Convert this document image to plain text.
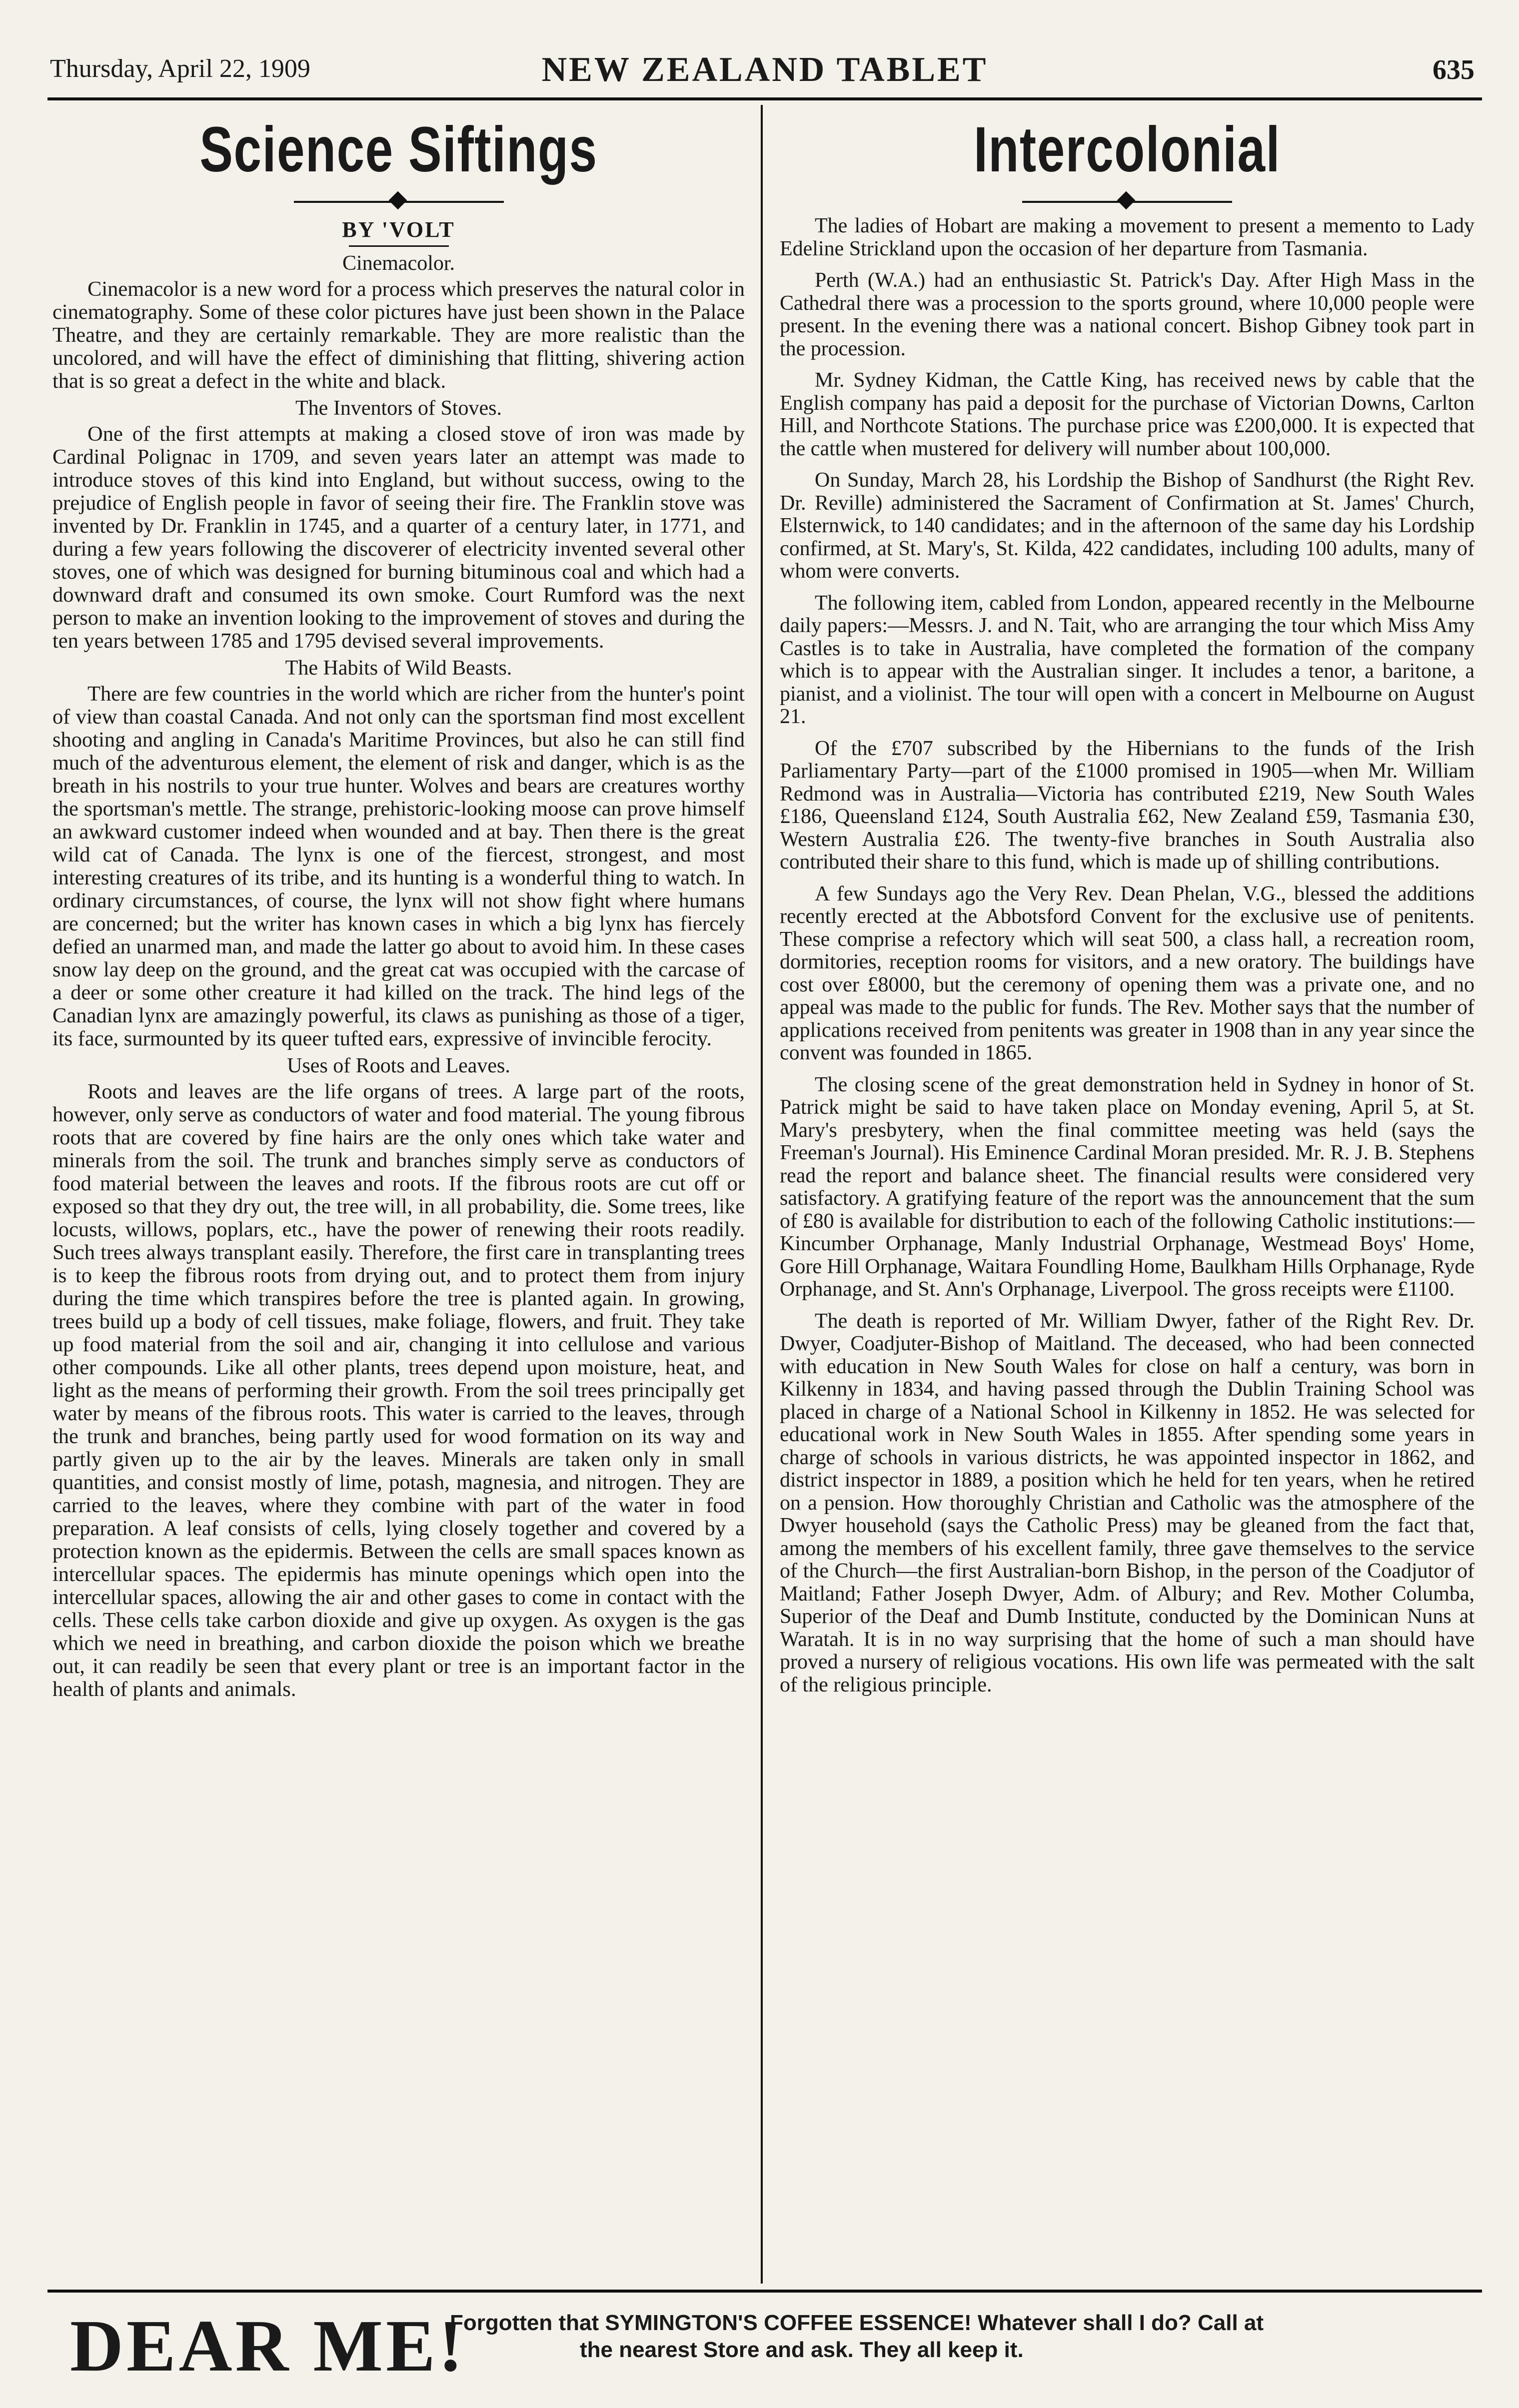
Thursday, April 22, 1909	NEW ZEALAND TABLET	635
Science Siftings
BY 'VOLT
Cinemacolor.

Cinemacolor is a new word for a process which preserves the natural color in cinematography. Some of these color pictures have just been shown in the Palace Theatre, and they are certainly remarkable. They are more realistic than the uncolored, and will have the effect of diminishing that flitting, shivering action that is so great a defect in the white and black.

The Inventors of Stoves.

One of the first attempts at making a closed stove of iron was made by Cardinal Polignac in 1709, and seven years later an attempt was made to introduce stoves of this kind into England, but without success, owing to the prejudice of English people in favor of seeing their fire. The Franklin stove was invented by Dr. Franklin in 1745, and a quarter of a century later, in 1771, and during a few years following the discoverer of electricity invented several other stoves, one of which was designed for burning bituminous coal and which had a downward draft and consumed its own smoke. Court Rumford was the next person to make an invention looking to the improvement of stoves and during the ten years between 1785 and 1795 devised several improvements.

The Habits of Wild Beasts.

There are few countries in the world which are richer from the hunter's point of view than coastal Canada. And not only can the sportsman find most excellent shooting and angling in Canada's Maritime Provinces, but also he can still find much of the adventurous element, the element of risk and danger, which is as the breath in his nostrils to your true hunter. Wolves and bears are creatures worthy the sportsman's mettle. The strange, prehistoric-looking moose can prove himself an awkward customer indeed when wounded and at bay. Then there is the great wild cat of Canada. The lynx is one of the fiercest, strongest, and most interesting creatures of its tribe, and its hunting is a wonderful thing to watch. In ordinary circumstances, of course, the lynx will not show fight where humans are concerned; but the writer has known cases in which a big lynx has fiercely defied an unarmed man, and made the latter go about to avoid him. In these cases snow lay deep on the ground, and the great cat was occupied with the carcase of a deer or some other creature it had killed on the track. The hind legs of the Canadian lynx are amazingly powerful, its claws as punishing as those of a tiger, its face, surmounted by its queer tufted ears, expressive of invincible ferocity.

Uses of Roots and Leaves.

Roots and leaves are the life organs of trees. A large part of the roots, however, only serve as conductors of water and food material. The young fibrous roots that are covered by fine hairs are the only ones which take water and minerals from the soil. The trunk and branches simply serve as conductors of food material between the leaves and roots. If the fibrous roots are cut off or exposed so that they dry out, the tree will, in all probability, die. Some trees, like locusts, willows, poplars, etc., have the power of renewing their roots readily. Such trees always transplant easily. Therefore, the first care in transplanting trees is to keep the fibrous roots from drying out, and to protect them from injury during the time which transpires before the tree is planted again. In growing, trees build up a body of cell tissues, make foliage, flowers, and fruit. They take up food material from the soil and air, changing it into cellulose and various other compounds. Like all other plants, trees depend upon moisture, heat, and light as the means of performing their growth. From the soil trees principally get water by means of the fibrous roots. This water is carried to the leaves, through the trunk and branches, being partly used for wood formation on its way and partly given up to the air by the leaves. Minerals are taken only in small quantities, and consist mostly of lime, potash, magnesia, and nitrogen. They are carried to the leaves, where they combine with part of the water in food preparation. A leaf consists of cells, lying closely together and covered by a protection known as the epidermis. Between the cells are small spaces known as intercellular spaces. The epidermis has minute openings which open into the intercellular spaces, allowing the air and other gases to come in contact with the cells. These cells take carbon dioxide and give up oxygen. As oxygen is the gas which we need in breathing, and carbon dioxide the poison which we breathe out, it can readily be seen that every plant or tree is an important factor in the health of plants and animals.

Intercolonial

The ladies of Hobart are making a movement to present a memento to Lady Edeline Strickland upon the occasion of her departure from Tasmania.

Perth (W.A.) had an enthusiastic St. Patrick's Day. After High Mass in the Cathedral there was a procession to the sports ground, where 10,000 people were present. In the evening there was a national concert. Bishop Gibney took part in the procession.

Mr. Sydney Kidman, the Cattle King, has received news by cable that the English company has paid a deposit for the purchase of Victorian Downs, Carlton Hill, and Northcote Stations. The purchase price was £200,000. It is expected that the cattle when mustered for delivery will number about 100,000.

On Sunday, March 28, his Lordship the Bishop of Sandhurst (the Right Rev. Dr. Reville) administered the Sacrament of Confirmation at St. James' Church, Elsternwick, to 140 candidates; and in the afternoon of the same day his Lordship confirmed, at St. Mary's, St. Kilda, 422 candidates, including 100 adults, many of whom were converts.

The following item, cabled from London, appeared recently in the Melbourne daily papers:—Messrs. J. and N. Tait, who are arranging the tour which Miss Amy Castles is to take in Australia, have completed the formation of the company which is to appear with the Australian singer. It includes a tenor, a baritone, a pianist, and a violinist. The tour will open with a concert in Melbourne on August 21.

Of the £707 subscribed by the Hibernians to the funds of the Irish Parliamentary Party—part of the £1000 promised in 1905—when Mr. William Redmond was in Australia—Victoria has contributed £219, New South Wales £186, Queensland £124, South Australia £62, New Zealand £59, Tasmania £30, Western Australia £26. The twenty-five branches in South Australia also contributed their share to this fund, which is made up of shilling contributions.

A few Sundays ago the Very Rev. Dean Phelan, V.G., blessed the additions recently erected at the Abbotsford Convent for the exclusive use of penitents. These comprise a refectory which will seat 500, a class hall, a recreation room, dormitories, reception rooms for visitors, and a new oratory. The buildings have cost over £8000, but the ceremony of opening them was a private one, and no appeal was made to the public for funds. The Rev. Mother says that the number of applications received from penitents was greater in 1908 than in any year since the convent was founded in 1865.

The closing scene of the great demonstration held in Sydney in honor of St. Patrick might be said to have taken place on Monday evening, April 5, at St. Mary's presbytery, when the final committee meeting was held (says the Freeman's Journal). His Eminence Cardinal Moran presided. Mr. R. J. B. Stephens read the report and balance sheet. The financial results were considered very satisfactory. A gratifying feature of the report was the announcement that the sum of £80 is available for distribution to each of the following Catholic institutions:—Kincumber Orphanage, Manly Industrial Orphanage, Westmead Boys' Home, Gore Hill Orphanage, Waitara Foundling Home, Baulkham Hills Orphanage, Ryde Orphanage, and St. Ann's Orphanage, Liverpool. The gross receipts were £1100.

The death is reported of Mr. William Dwyer, father of the Right Rev. Dr. Dwyer, Coadjuter-Bishop of Maitland. The deceased, who had been connected with education in New South Wales for close on half a century, was born in Kilkenny in 1834, and having passed through the Dublin Training School was placed in charge of a National School in Kilkenny in 1852. He was selected for educational work in New South Wales in 1855. After spending some years in charge of schools in various districts, he was appointed inspector in 1862, and district inspector in 1889, a position which he held for ten years, when he retired on a pension. How thoroughly Christian and Catholic was the atmosphere of the Dwyer household (says the Catholic Press) may be gleaned from the fact that, among the members of his excellent family, three gave themselves to the service of the Church—the first Australian-born Bishop, in the person of the Coadjutor of Maitland; Father Joseph Dwyer, Adm. of Albury; and Rev. Mother Columba, Superior of the Deaf and Dumb Institute, conducted by the Dominican Nuns at Waratah. It is in no way surprising that the home of such a man should have proved a nursery of religious vocations. His own life was permeated with the salt of the religious principle.

DEAR ME!
Forgotten that SYMINGTON'S COFFEE ESSENCE! Whatever shall I do? Call at
the nearest Store and ask. They all keep it.
